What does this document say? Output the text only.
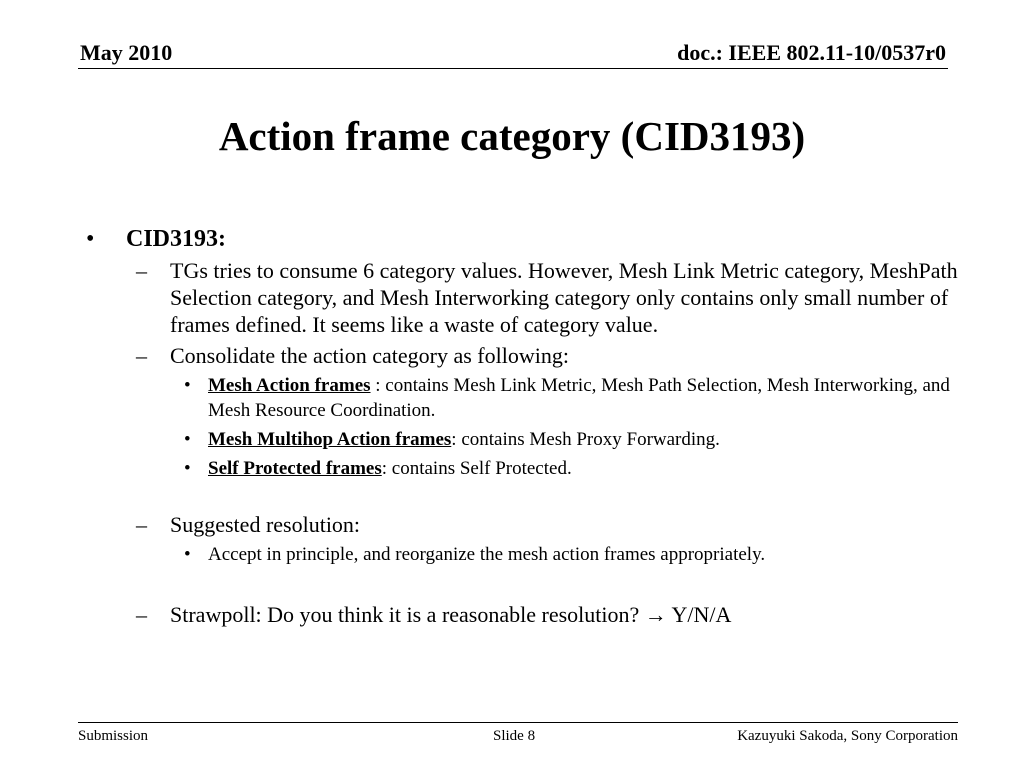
May 2010	doc.: IEEE 802.11-10/0537r0
Action frame category (CID3193)
• CID3193:
– TGs tries to consume 6 category values. However, Mesh Link Metric category, MeshPath Selection category, and Mesh Interworking category only contains only small number of frames defined. It seems like a waste of category value.
– Consolidate the action category as following:
• Mesh Action frames : contains Mesh Link Metric, Mesh Path Selection, Mesh Interworking, and Mesh Resource Coordination.
• Mesh Multihop Action frames: contains Mesh Proxy Forwarding.
• Self Protected frames: contains Self Protected.
– Suggested resolution:
• Accept in principle, and reorganize the mesh action frames appropriately.
– Strawpoll: Do you think it is a reasonable resolution? → Y/N/A
Submission	Slide 8	Kazuyuki Sakoda, Sony Corporation
